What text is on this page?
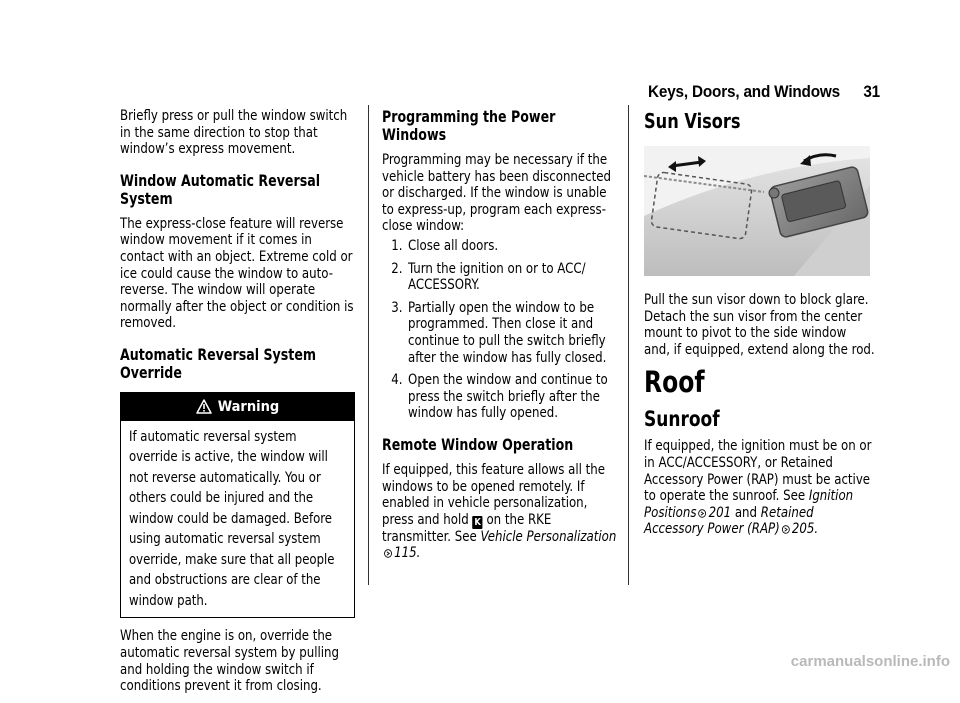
Keys, Doors, and Windows 31

Briefly press or pull the window switch in the same direction to stop that window’s express movement.

Window Automatic Reversal System

The express-close feature will reverse window movement if it comes in contact with an object. Extreme cold or ice could cause the window to auto-reverse. The window will operate normally after the object or condition is removed.

Automatic Reversal System Override
Warning

If automatic reversal system override is active, the window will not reverse automatically. You or others could be injured and the window could be damaged. Before using automatic reversal system override, make sure that all people and obstructions are clear of the window path.

When the engine is on, override the automatic reversal system by pulling and holding the window switch if conditions prevent it from closing.

Programming the Power Windows

Programming may be necessary if the vehicle battery has been disconnected or discharged. If the window is unable to express-up, program each express-close window:

1. Close all doors.
2. Turn the ignition on or to ACC/ ACCESSORY.
3. Partially open the window to be programmed. Then close it and continue to pull the switch briefly after the window has fully closed.
4. Open the window and continue to press the switch briefly after the window has fully opened.
Remote Window Operation

If equipped, this feature allows all the windows to be opened remotely. If enabled in vehicle personalization, press and hold K on the RKE transmitter. See Vehicle Personalization115.

Sun Visors

Pull the sun visor down to block glare. Detach the sun visor from the center mount to pivot to the side window and, if equipped, extend along the rod.

Roof
Sunroof

If equipped, the ignition must be on or in ACC/ACCESSORY, or Retained Accessory Power (RAP) must be active to operate the sunroof. See Ignition Positions 201 and Retained Accessory Power (RAP) 205.

carmanualsonline.info
